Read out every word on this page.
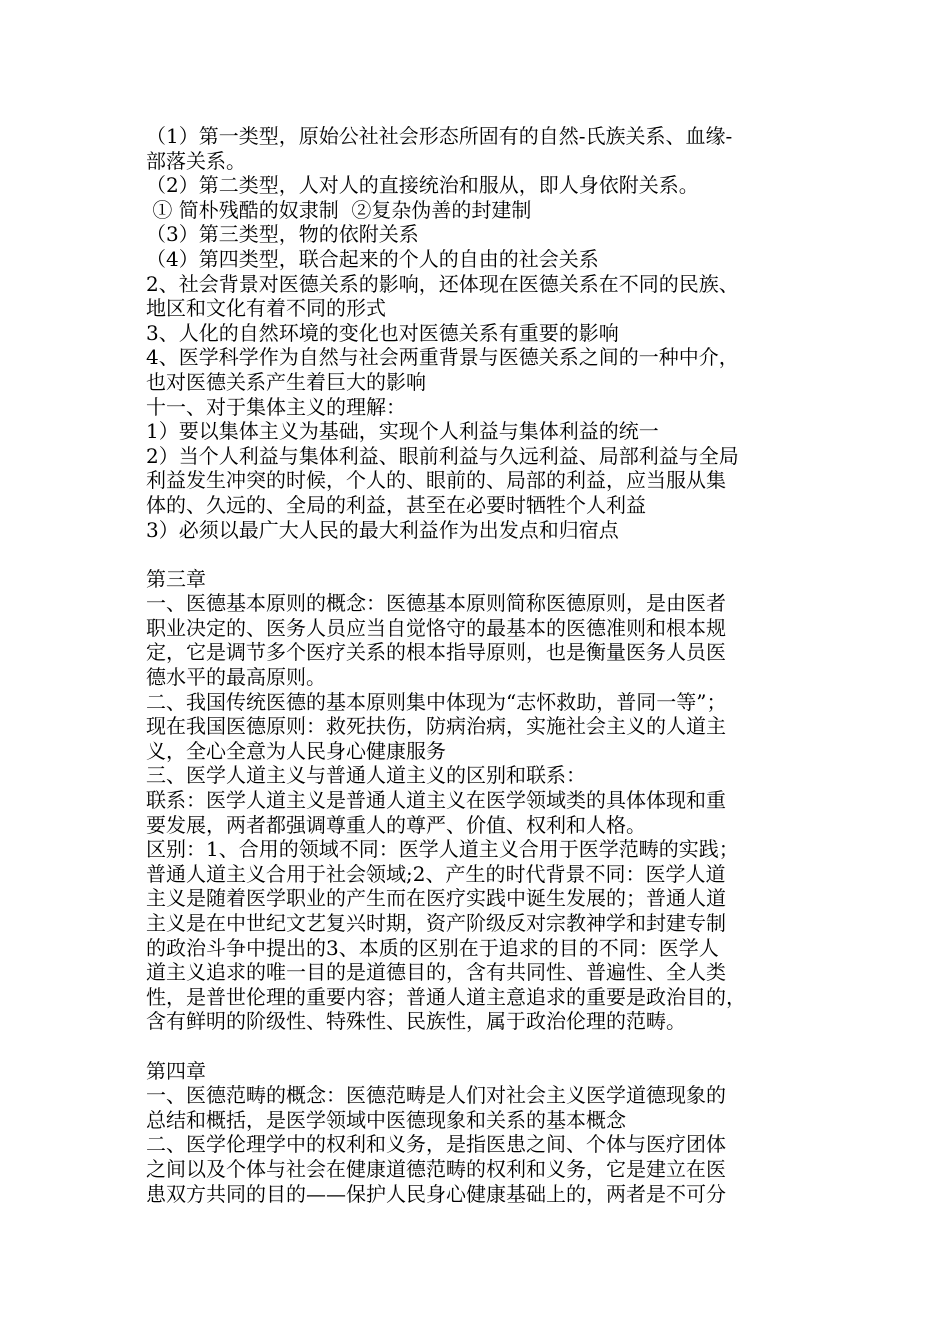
（1）第一类型，原始公社社会形态所固有的自然-氏族关系、血缘-
部落关系。
（2）第二类型，人对人的直接统治和服从，即人身依附关系。
① 简朴残酷的奴隶制  ②复杂伪善的封建制
（3）第三类型，物的依附关系
（4）第四类型，联合起来的个人的自由的社会关系
2、社会背景对医德关系的影响，还体现在医德关系在不同的民族、
地区和文化有着不同的形式
3、人化的自然环境的变化也对医德关系有重要的影响
4、医学科学作为自然与社会两重背景与医德关系之间的一种中介，
也对医德关系产生着巨大的影响
十一、对于集体主义的理解：
1）要以集体主义为基础，实现个人利益与集体利益的统一
2）当个人利益与集体利益、眼前利益与久远利益、局部利益与全局
利益发生冲突的时候，个人的、眼前的、局部的利益，应当服从集
体的、久远的、全局的利益，甚至在必要时牺牲个人利益
3）必须以最广大人民的最大利益作为出发点和归宿点
第三章
一、医德基本原则的概念：医德基本原则简称医德原则，是由医者
职业决定的、医务人员应当自觉恪守的最基本的医德准则和根本规
定，它是调节多个医疗关系的根本指导原则，也是衡量医务人员医
德水平的最高原则。
二、我国传统医德的基本原则集中体现为“志怀救助，普同一等”；
现在我国医德原则：救死扶伤，防病治病，实施社会主义的人道主
义，全心全意为人民身心健康服务
三、医学人道主义与普通人道主义的区别和联系：
联系：医学人道主义是普通人道主义在医学领域类的具体体现和重
要发展，两者都强调尊重人的尊严、价值、权利和人格。
区别：1、合用的领域不同：医学人道主义合用于医学范畴的实践；
普通人道主义合用于社会领域;2、产生的时代背景不同：医学人道
主义是随着医学职业的产生而在医疗实践中诞生发展的；普通人道
主义是在中世纪文艺复兴时期，资产阶级反对宗教神学和封建专制
的政治斗争中提出的3、本质的区别在于追求的目的不同：医学人
道主义追求的唯一目的是道德目的，含有共同性、普遍性、全人类
性，是普世伦理的重要内容；普通人道主意追求的重要是政治目的，
含有鲜明的阶级性、特殊性、民族性，属于政治伦理的范畴。
第四章
一、医德范畴的概念：医德范畴是人们对社会主义医学道德现象的
总结和概括，是医学领域中医德现象和关系的基本概念
二、医学伦理学中的权利和义务，是指医患之间、个体与医疗团体
之间以及个体与社会在健康道德范畴的权利和义务，它是建立在医
患双方共同的目的——保护人民身心健康基础上的，两者是不可分
